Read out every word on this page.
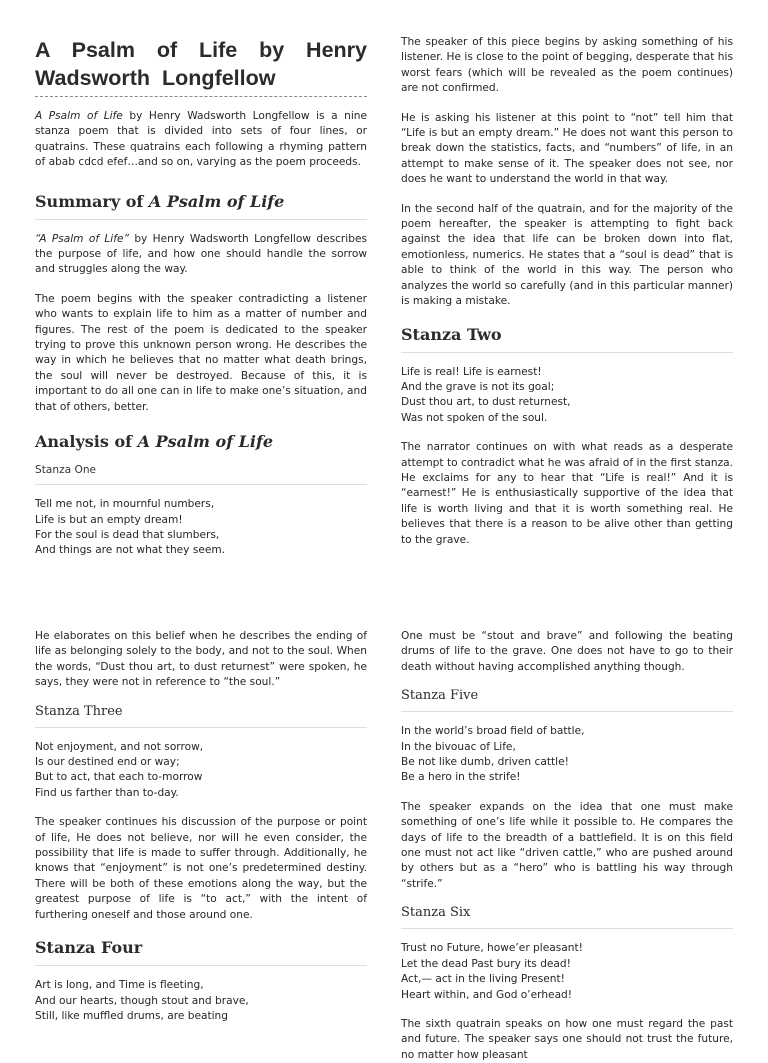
A Psalm of Life by Henry Wadsworth Longfellow

A Psalm of Life by Henry Wadsworth Longfellow is a nine stanza poem that is divided into sets of four lines, or quatrains. These quatrains each following a rhyming pattern of abab cdcd efef…and so on, varying as the poem proceeds.

Summary of A Psalm of Life

“A Psalm of Life” by Henry Wadsworth Longfellow describes the purpose of life, and how one should handle the sorrow and struggles along the way.

The poem begins with the speaker contradicting a listener who wants to explain life to him as a matter of number and figures. The rest of the poem is dedicated to the speaker trying to prove this unknown person wrong. He describes the way in which he believes that no matter what death brings, the soul will never be destroyed. Because of this, it is important to do all one can in life to make one’s situation, and that of others, better.

Analysis of A Psalm of Life

Stanza One

Tell me not, in mournful numbers,
Life is but an empty dream!
For the soul is dead that slumbers,
And things are not what they seem.

The speaker of this piece begins by asking something of his listener. He is close to the point of begging, desperate that his worst fears (which will be revealed as the poem continues) are not confirmed.

He is asking his listener at this point to “not” tell him that “Life is but an empty dream.” He does not want this person to break down the statistics, facts, and “numbers” of life, in an attempt to make sense of it. The speaker does not see, nor does he want to understand the world in that way.

In the second half of the quatrain, and for the majority of the poem hereafter, the speaker is attempting to fight back against the idea that life can be broken down into flat, emotionless, numerics. He states that a “soul is dead” that is able to think of the world in this way. The person who analyzes the world so carefully (and in this particular manner) is making a mistake.

Stanza Two
Life is real! Life is earnest!
And the grave is not its goal;
Dust thou art, to dust returnest,
Was not spoken of the soul.

The narrator continues on with what reads as a desperate attempt to contradict what he was afraid of in the first stanza. He exclaims for any to hear that “Life is real!” And it is “earnest!” He is enthusiastically supportive of the idea that life is worth living and that it is worth something real. He believes that there is a reason to be alive other than getting to the grave.

He elaborates on this belief when he describes the ending of life as belonging solely to the body, and not to the soul. When the words, “Dust thou art, to dust returnest” were spoken, he says, they were not in reference to “the soul.”

Stanza Three

Not enjoyment, and not sorrow,
Is our destined end or way;
But to act, that each to-morrow
Find us farther than to-day.

The speaker continues his discussion of the purpose or point of life, He does not believe, nor will he even consider, the possibility that life is made to suffer through. Additionally, he knows that “enjoyment” is not one’s predetermined destiny. There will be both of these emotions along the way, but the greatest purpose of life is “to act,” with the intent of furthering oneself and those around one.

Stanza Four
Art is long, and Time is fleeting,
And our hearts, though stout and brave,
Still, like muffled drums, are beating

One must be “stout and brave” and following the beating drums of life to the grave. One does not have to go to their death without having accomplished anything though.

Stanza Five

In the world’s broad field of battle,
In the bivouac of Life,
Be not like dumb, driven cattle!
Be a hero in the strife!

The speaker expands on the idea that one must make something of one’s life while it possible to. He compares the days of life to the breadth of a battlefield. It is on this field one must not act like “driven cattle,” who are pushed around by others but as a “hero” who is battling his way through “strife.”

Stanza Six

Trust no Future, howe’er pleasant!
Let the dead Past bury its dead!
Act,— act in the living Present!
Heart within, and God o’erhead!

The sixth quatrain speaks on how one must regard the past and future. The speaker says one should not trust the future, no matter how pleasant
